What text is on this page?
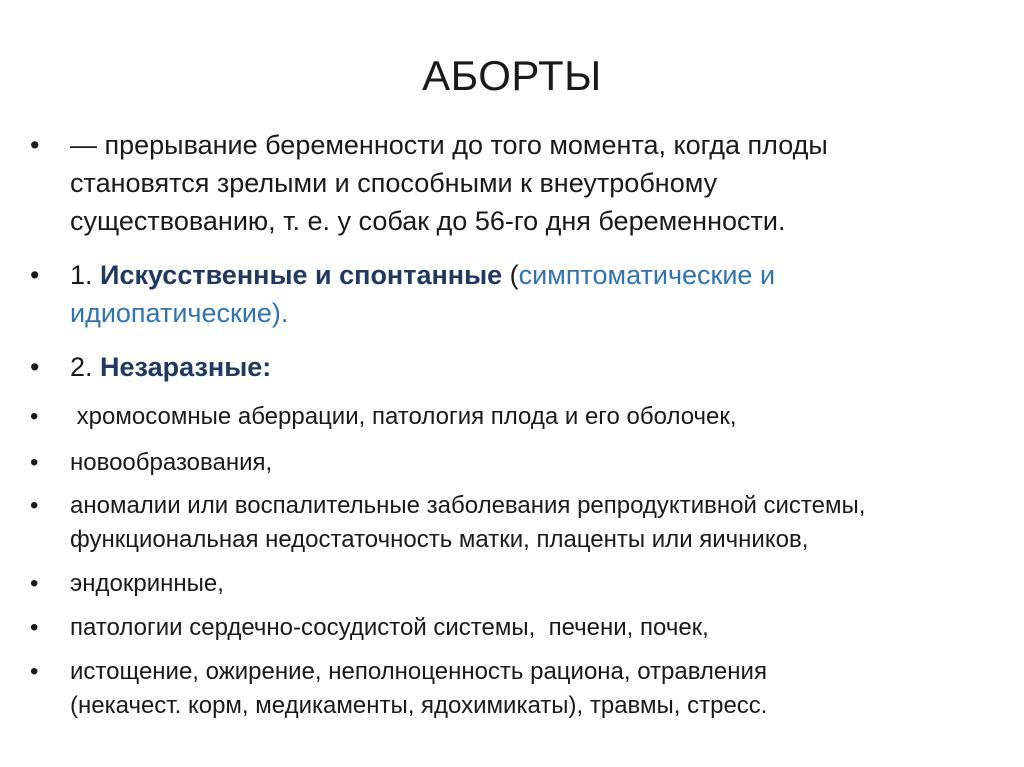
АБОРТЫ
• — прерывание беременности до того момента, когда плоды
становятся зрелыми и способными к внеутробному
существованию, т. е. у собак до 56-го дня беременности.
• 1. Искусственные и спонтанные (симптоматические и
идиопатические).
• 2. Незаразные:
• хромосомные аберрации, патология плода и его оболочек,
• новообразования,
• аномалии или воспалительные заболевания репродуктивной системы,
функциональная недостаточность матки, плаценты или яичников,
• эндокринные,
• патологии сердечно-сосудистой системы,  печени, почек,
• истощение, ожирение, неполноценность рациона, отравления
(некачест. корм, медикаменты, ядохимикаты), травмы, стресс.
